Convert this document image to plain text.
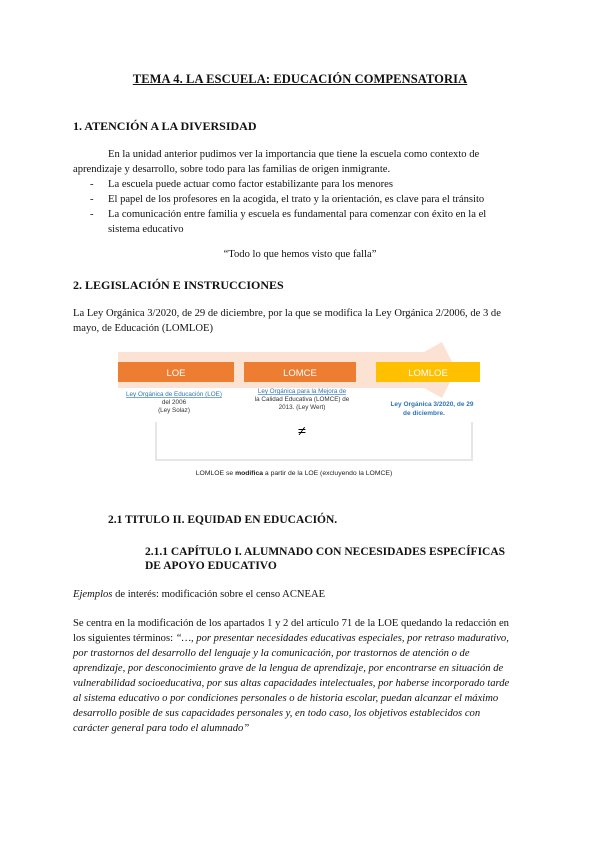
TEMA 4. LA ESCUELA: EDUCACIÓN COMPENSATORIA
1. ATENCIÓN A LA DIVERSIDAD
En la unidad anterior pudimos ver la importancia que tiene la escuela como contexto de
aprendizaje y desarrollo, sobre todo para las familias de origen inmigrante.
- La escuela puede actuar como factor estabilizante para los menores
- El papel de los profesores en la acogida, el trato y la orientación, es clave para el tránsito
- La comunicación entre familia y escuela es fundamental para comenzar con éxito en la el
sistema educativo
“Todo lo que hemos visto que falla”
2. LEGISLACIÓN E INSTRUCCIONES
La Ley Orgánica 3/2020, de 29 de diciembre, por la que se modifica la Ley Orgánica 2/2006, de 3 de
mayo, de Educación (LOMLOE)
LOE	LOMCE	LOMLOE
Ley Orgánica de Educación (LOE)
del 2006
(Ley Solaz)
Ley Orgánica para la Mejora de
la Calidad Educativa (LOMCE) de
2013. (Ley Wert)	Ley Orgánica 3/2020, de 29
de diciembre.
≠
LOMLOE se modifica a partir de la LOE (excluyendo la LOMCE)
2.1 TITULO II. EQUIDAD EN EDUCACIÓN.
2.1.1 CAPÍTULO I. ALUMNADO CON NECESIDADES ESPECÍFICAS
DE APOYO EDUCATIVO
Ejemplos de interés: modificación sobre el censo ACNEAE
Se centra en la modificación de los apartados 1 y 2 del artículo 71 de la LOE quedando la redacción en
los siguientes términos: “…, por presentar necesidades educativas especiales, por retraso madurativo,
por trastornos del desarrollo del lenguaje y la comunicación, por trastornos de atención o de
aprendizaje, por desconocimiento grave de la lengua de aprendizaje, por encontrarse en situación de
vulnerabilidad socioeducativa, por sus altas capacidades intelectuales, por haberse incorporado tarde
al sistema educativo o por condiciones personales o de historia escolar, puedan alcanzar el máximo
desarrollo posible de sus capacidades personales y, en todo caso, los objetivos establecidos con
carácter general para todo el alumnado”
